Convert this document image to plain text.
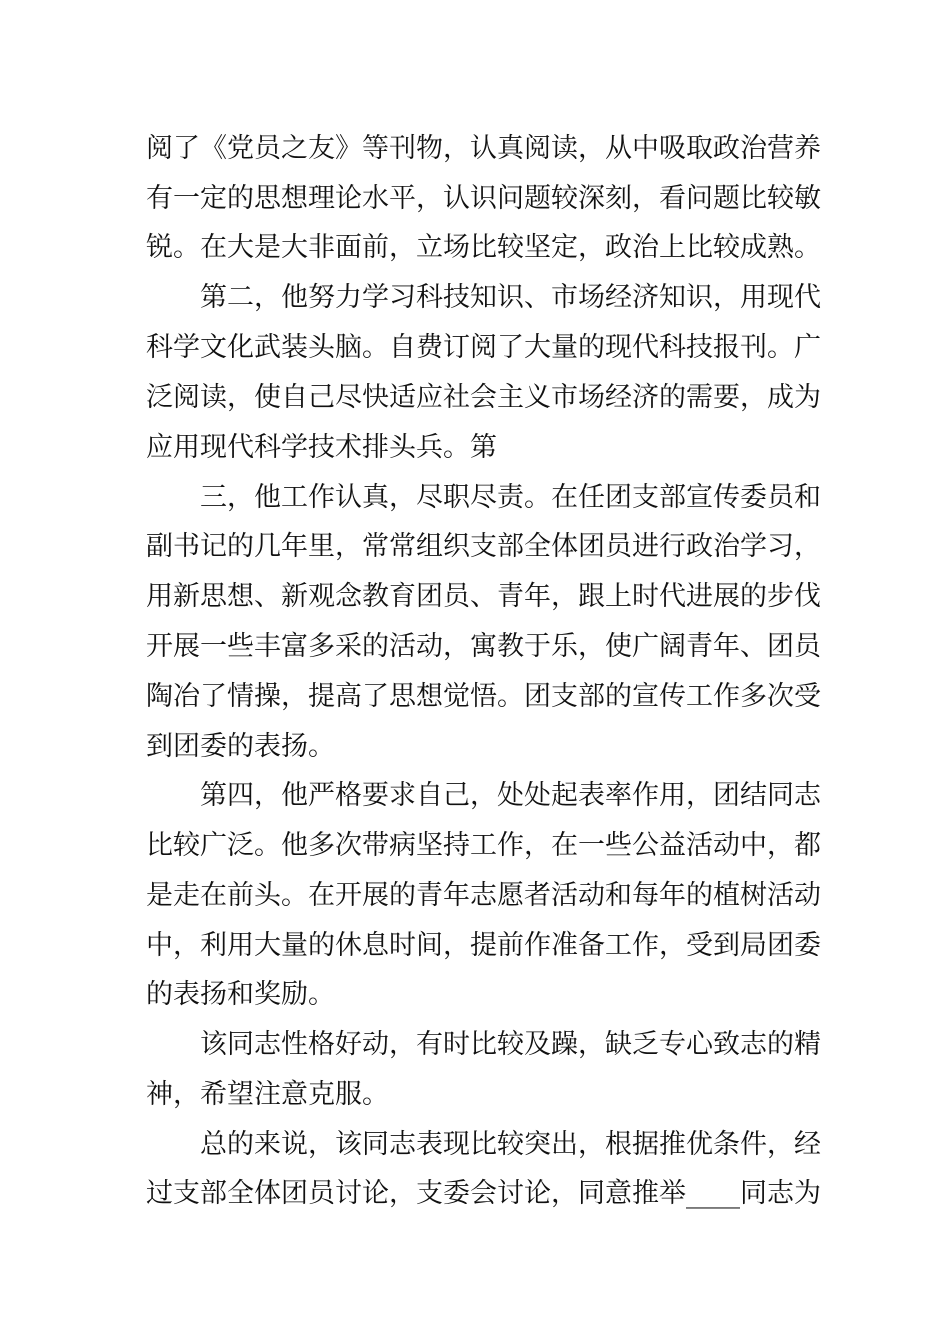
阅了《党员之友》等刊物，认真阅读，从中吸取政治营养

有一定的思想理论水平，认识问题较深刻，看问题比较敏

锐。在大是大非面前，立场比较坚定，政治上比较成熟。

第二，他努力学习科技知识、市场经济知识，用现代

科学文化武装头脑。自费订阅了大量的现代科技报刊。广

泛阅读，使自己尽快适应社会主义市场经济的需要，成为

应用现代科学技术排头兵。第

三，他工作认真，尽职尽责。在任团支部宣传委员和

副书记的几年里，常常组织支部全体团员进行政治学习，

用新思想、新观念教育团员、青年，跟上时代进展的步伐

开展一些丰富多采的活动，寓教于乐，使广阔青年、团员

陶冶了情操，提高了思想觉悟。团支部的宣传工作多次受

到团委的表扬。

第四，他严格要求自己，处处起表率作用，团结同志

比较广泛。他多次带病坚持工作，在一些公益活动中，都

是走在前头。在开展的青年志愿者活动和每年的植树活动

中，利用大量的休息时间，提前作准备工作，受到局团委

的表扬和奖励。

该同志性格好动，有时比较及躁，缺乏专心致志的精

神，希望注意克服。

总的来说，该同志表现比较突出，根据推优条件，经

过支部全体团员讨论，支委会讨论，同意推举____同志为
